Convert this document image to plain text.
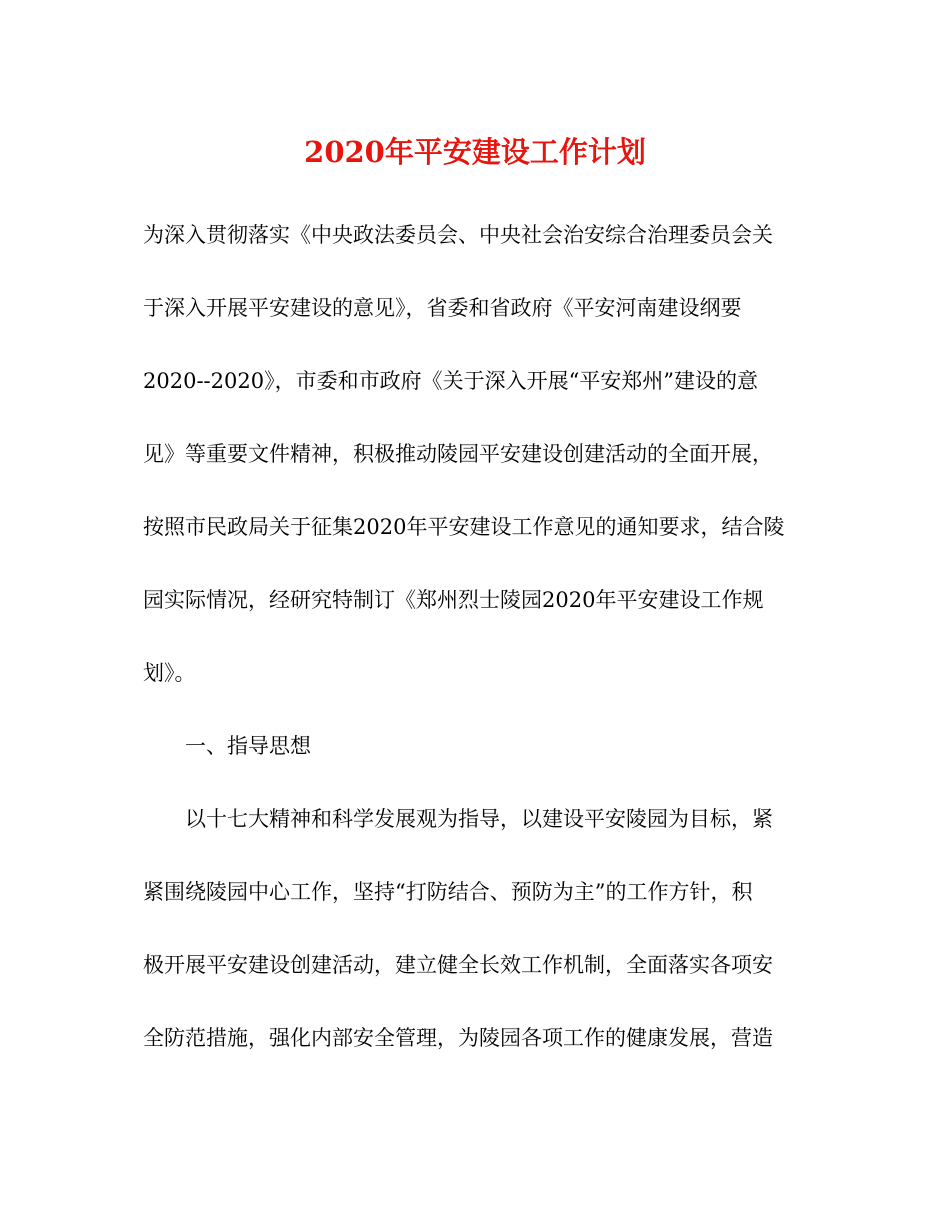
2020年平安建设工作计划

为深入贯彻落实《中央政法委员会、中央社会治安综合治理委员会关

于深入开展平安建设的意见》，省委和省政府《平安河南建设纲要

2020--2020》，市委和市政府《关于深入开展“平安郑州”建设的意

见》等重要文件精神，积极推动陵园平安建设创建活动的全面开展，

按照市民政局关于征集2020年平安建设工作意见的通知要求，结合陵

园实际情况，经研究特制订《郑州烈士陵园2020年平安建设工作规

划》。

一、指导思想

以十七大精神和科学发展观为指导，以建设平安陵园为目标，紧

紧围绕陵园中心工作，坚持“打防结合、预防为主”的工作方针，积

极开展平安建设创建活动，建立健全长效工作机制，全面落实各项安

全防范措施，强化内部安全管理，为陵园各项工作的健康发展，营造
